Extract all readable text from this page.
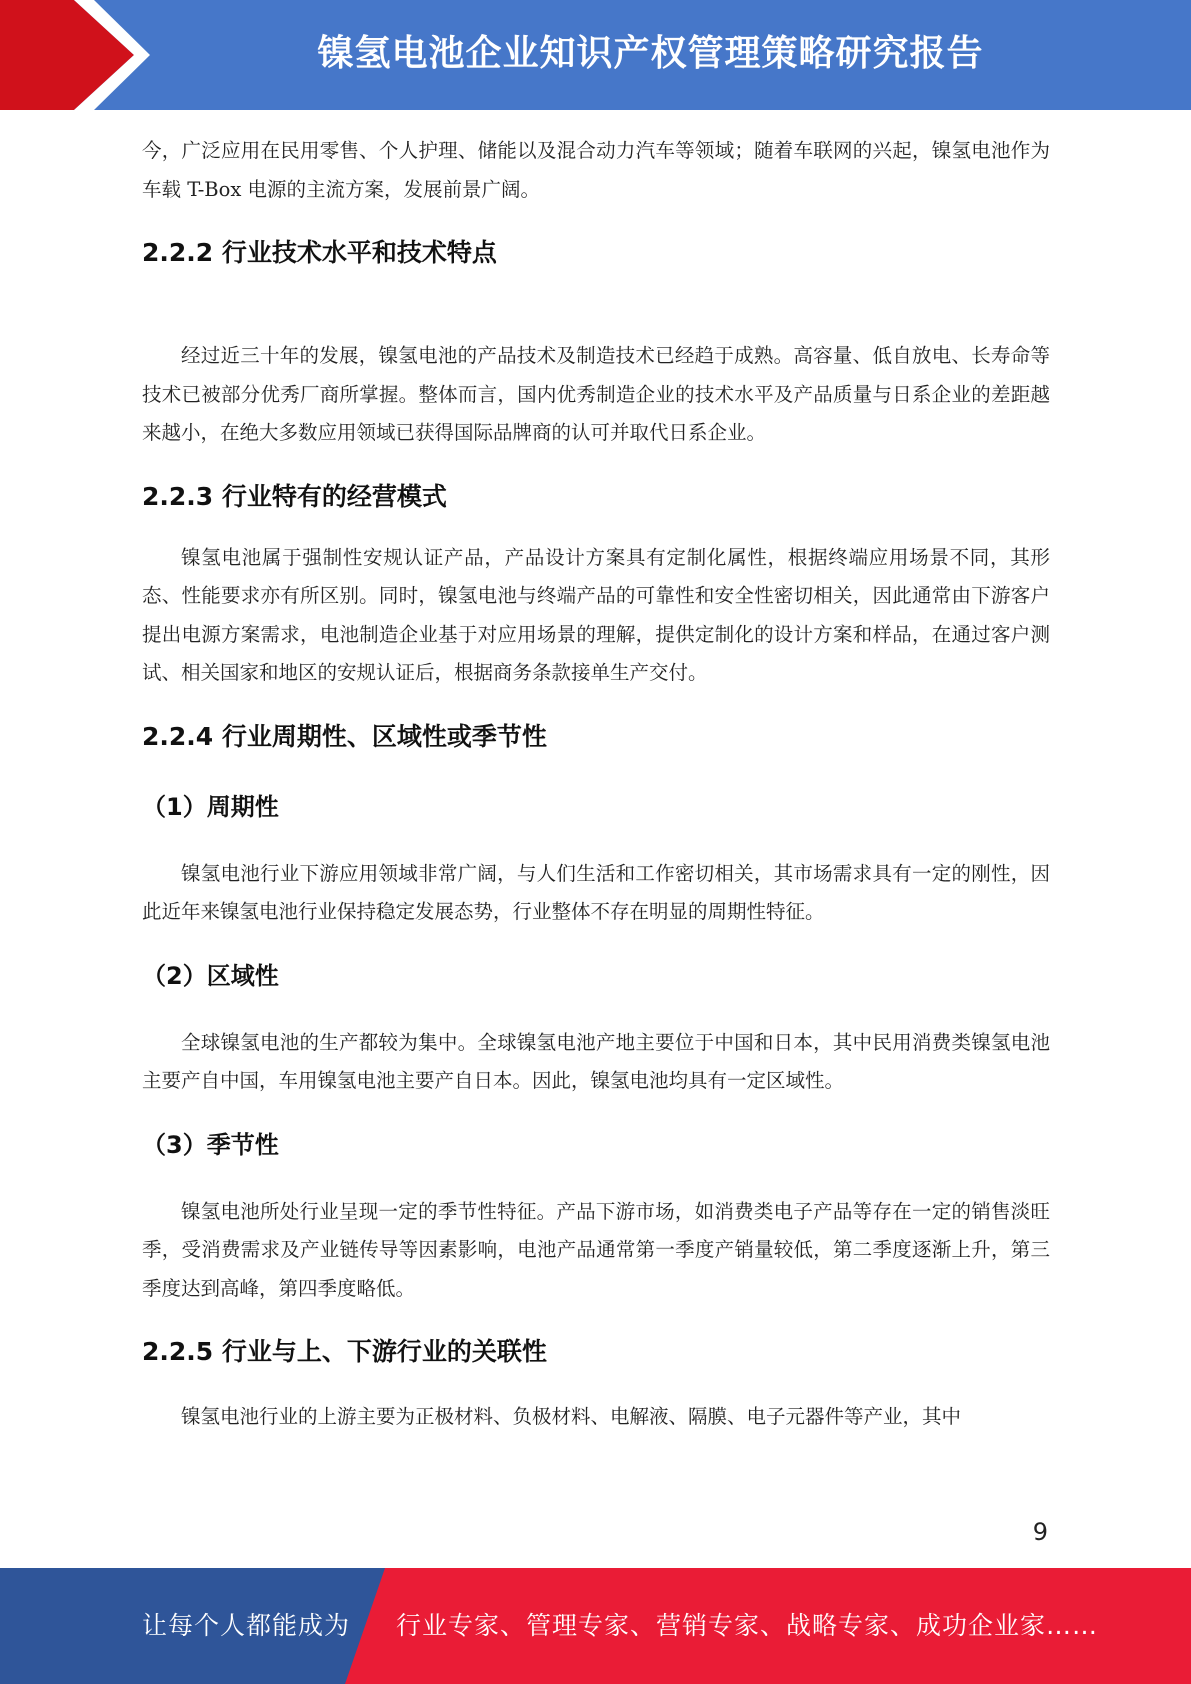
镍氢电池企业知识产权管理策略研究报告

今，广泛应用在民用零售、个人护理、储能以及混合动力汽车等领域；随着车联网的兴起，镍氢电池作为车载 T-Box 电源的主流方案，发展前景广阔。

2.2.2 行业技术水平和技术特点

经过近三十年的发展，镍氢电池的产品技术及制造技术已经趋于成熟。高容量、低自放电、长寿命等技术已被部分优秀厂商所掌握。整体而言，国内优秀制造企业的技术水平及产品质量与日系企业的差距越来越小，在绝大多数应用领域已获得国际品牌商的认可并取代日系企业。

2.2.3 行业特有的经营模式

镍氢电池属于强制性安规认证产品，产品设计方案具有定制化属性，根据终端应用场景不同，其形态、性能要求亦有所区别。同时，镍氢电池与终端产品的可靠性和安全性密切相关，因此通常由下游客户提出电源方案需求，电池制造企业基于对应用场景的理解，提供定制化的设计方案和样品，在通过客户测试、相关国家和地区的安规认证后，根据商务条款接单生产交付。

2.2.4 行业周期性、区域性或季节性
（1）周期性

镍氢电池行业下游应用领域非常广阔，与人们生活和工作密切相关，其市场需求具有一定的刚性，因此近年来镍氢电池行业保持稳定发展态势，行业整体不存在明显的周期性特征。

（2）区域性

全球镍氢电池的生产都较为集中。全球镍氢电池产地主要位于中国和日本，其中民用消费类镍氢电池主要产自中国，车用镍氢电池主要产自日本。因此，镍氢电池均具有一定区域性。

（3）季节性

镍氢电池所处行业呈现一定的季节性特征。产品下游市场，如消费类电子产品等存在一定的销售淡旺季，受消费需求及产业链传导等因素影响，电池产品通常第一季度产销量较低，第二季度逐渐上升，第三季度达到高峰，第四季度略低。

2.2.5 行业与上、下游行业的关联性

镍氢电池行业的上游主要为正极材料、负极材料、电解液、隔膜、电子元器件等产业，其中

9
让每个人都能成为 行业专家、管理专家、营销专家、战略专家、成功企业家……
